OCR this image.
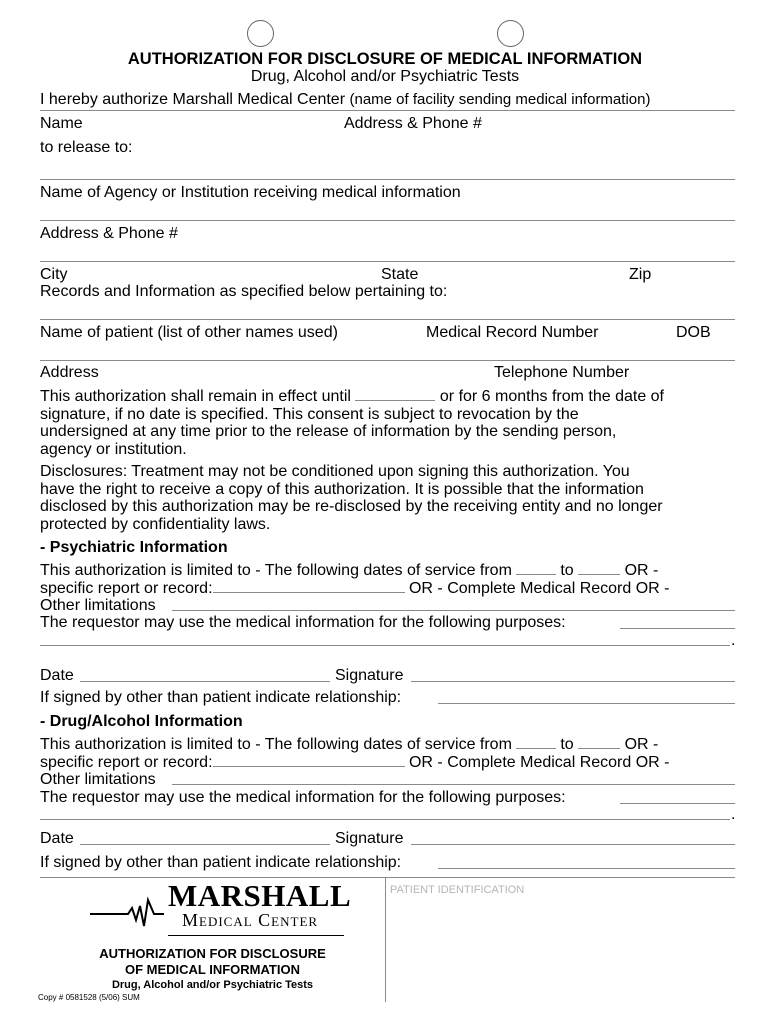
AUTHORIZATION FOR DISCLOSURE OF MEDICAL INFORMATION
Drug, Alcohol and/or Psychiatric Tests
I hereby authorize Marshall Medical Center (name of facility sending medical information)
Name	Address & Phone #
to release to:
Name of Agency or Institution receiving medical information
Address & Phone #
City	State	Zip
Records and Information as specified below pertaining to:
Name of patient (list of other names used)	Medical Record Number	DOB
Address	Telephone Number
This authorization shall remain in effect until	or for 6 months from the date of
signature, if no date is specified. This consent is subject to revocation by the
undersigned at any time prior to the release of information by the sending person,
agency or institution.
Disclosures: Treatment may not be conditioned upon signing this authorization. You
have the right to receive a copy of this authorization. It is possible that the information
disclosed by this authorization may be re-disclosed by the receiving entity and no longer
protected by confidentiality laws.
- Psychiatric Information
This authorization is limited to - The following dates of service from	to	OR -
specific report or record:	OR - Complete Medical Record OR -
Other limitations
The requestor may use the medical information for the following purposes:
.
Date	Signature
If signed by other than patient indicate relationship:
- Drug/Alcohol Information
This authorization is limited to - The following dates of service from	to	OR -
specific report or record:	OR - Complete Medical Record OR -
Other limitations
The requestor may use the medical information for the following purposes:
.
Date	Signature
If signed by other than patient indicate relationship:
PATIENT IDENTIFICATION
MARSHALL
Medical Center
AUTHORIZATION FOR DISCLOSURE
OF MEDICAL INFORMATION
Drug, Alcohol and/or Psychiatric Tests
Copy # 0581528 (5/06) SUM
